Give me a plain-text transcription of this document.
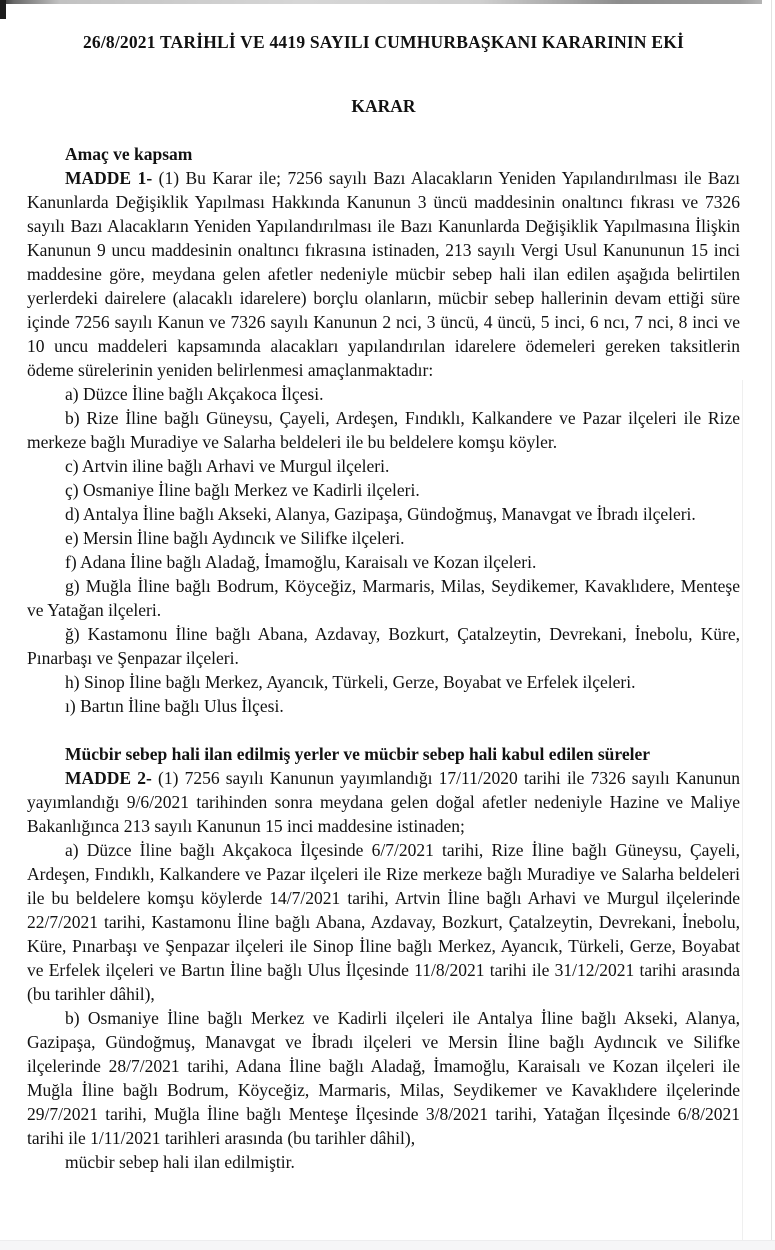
26/8/2021 TARİHLİ VE 4419 SAYILI CUMHURBAŞKANI KARARININ EKİ

KARAR

Amaç ve kapsam

MADDE 1- (1) Bu Karar ile; 7256 sayılı Bazı Alacakların Yeniden Yapılandırılması ile Bazı Kanunlarda Değişiklik Yapılması Hakkında Kanunun 3 üncü maddesinin onaltıncı fıkrası ve 7326 sayılı Bazı Alacakların Yeniden Yapılandırılması ile Bazı Kanunlarda Değişiklik Yapılmasına İlişkin Kanunun 9 uncu maddesinin onaltıncı fıkrasına istinaden, 213 sayılı Vergi Usul Kanununun 15 inci maddesine göre, meydana gelen afetler nedeniyle mücbir sebep hali ilan edilen aşağıda belirtilen yerlerdeki dairelere (alacaklı idarelere) borçlu olanların, mücbir sebep hallerinin devam ettiği süre içinde 7256 sayılı Kanun ve 7326 sayılı Kanunun 2 nci, 3 üncü, 4 üncü, 5 inci, 6 ncı, 7 nci, 8 inci ve 10 uncu maddeleri kapsamında alacakları yapılandırılan idarelere ödemeleri gereken taksitlerin ödeme sürelerinin yeniden belirlenmesi amaçlanmaktadır:

a) Düzce İline bağlı Akçakoca İlçesi.

b) Rize İline bağlı Güneysu, Çayeli, Ardeşen, Fındıklı, Kalkandere ve Pazar ilçeleri ile Rize merkeze bağlı Muradiye ve Salarha beldeleri ile bu beldelere komşu köyler.

c) Artvin iline bağlı Arhavi ve Murgul ilçeleri.

ç) Osmaniye İline bağlı Merkez ve Kadirli ilçeleri.

d) Antalya İline bağlı Akseki, Alanya, Gazipaşa, Gündoğmuş, Manavgat ve İbradı ilçeleri.

e) Mersin İline bağlı Aydıncık ve Silifke ilçeleri.

f) Adana İline bağlı Aladağ, İmamoğlu, Karaisalı ve Kozan ilçeleri.

g) Muğla İline bağlı Bodrum, Köyceğiz, Marmaris, Milas, Seydikemer, Kavaklıdere, Menteşe ve Yatağan ilçeleri.

ğ) Kastamonu İline bağlı Abana, Azdavay, Bozkurt, Çatalzeytin, Devrekani, İnebolu, Küre, Pınarbaşı ve Şenpazar ilçeleri.

h) Sinop İline bağlı Merkez, Ayancık, Türkeli, Gerze, Boyabat ve Erfelek ilçeleri.

ı) Bartın İline bağlı Ulus İlçesi.

Mücbir sebep hali ilan edilmiş yerler ve mücbir sebep hali kabul edilen süreler

MADDE 2- (1) 7256 sayılı Kanunun yayımlandığı 17/11/2020 tarihi ile 7326 sayılı Kanunun yayımlandığı 9/6/2021 tarihinden sonra meydana gelen doğal afetler nedeniyle Hazine ve Maliye Bakanlığınca 213 sayılı Kanunun 15 inci maddesine istinaden;

a) Düzce İline bağlı Akçakoca İlçesinde 6/7/2021 tarihi, Rize İline bağlı Güneysu, Çayeli, Ardeşen, Fındıklı, Kalkandere ve Pazar ilçeleri ile Rize merkeze bağlı Muradiye ve Salarha beldeleri ile bu beldelere komşu köylerde 14/7/2021 tarihi, Artvin İline bağlı Arhavi ve Murgul ilçelerinde 22/7/2021 tarihi, Kastamonu İline bağlı Abana, Azdavay, Bozkurt, Çatalzeytin, Devrekani, İnebolu, Küre, Pınarbaşı ve Şenpazar ilçeleri ile Sinop İline bağlı Merkez, Ayancık, Türkeli, Gerze, Boyabat ve Erfelek ilçeleri ve Bartın İline bağlı Ulus İlçesinde 11/8/2021 tarihi ile 31/12/2021 tarihi arasında (bu tarihler dâhil),

b) Osmaniye İline bağlı Merkez ve Kadirli ilçeleri ile Antalya İline bağlı Akseki, Alanya, Gazipaşa, Gündoğmuş, Manavgat ve İbradı ilçeleri ve Mersin İline bağlı Aydıncık ve Silifke ilçelerinde 28/7/2021 tarihi, Adana İline bağlı Aladağ, İmamoğlu, Karaisalı ve Kozan ilçeleri ile Muğla İline bağlı Bodrum, Köyceğiz, Marmaris, Milas, Seydikemer ve Kavaklıdere ilçelerinde 29/7/2021 tarihi, Muğla İline bağlı Menteşe İlçesinde 3/8/2021 tarihi, Yatağan İlçesinde 6/8/2021 tarihi ile 1/11/2021 tarihleri arasında (bu tarihler dâhil),

mücbir sebep hali ilan edilmiştir.
